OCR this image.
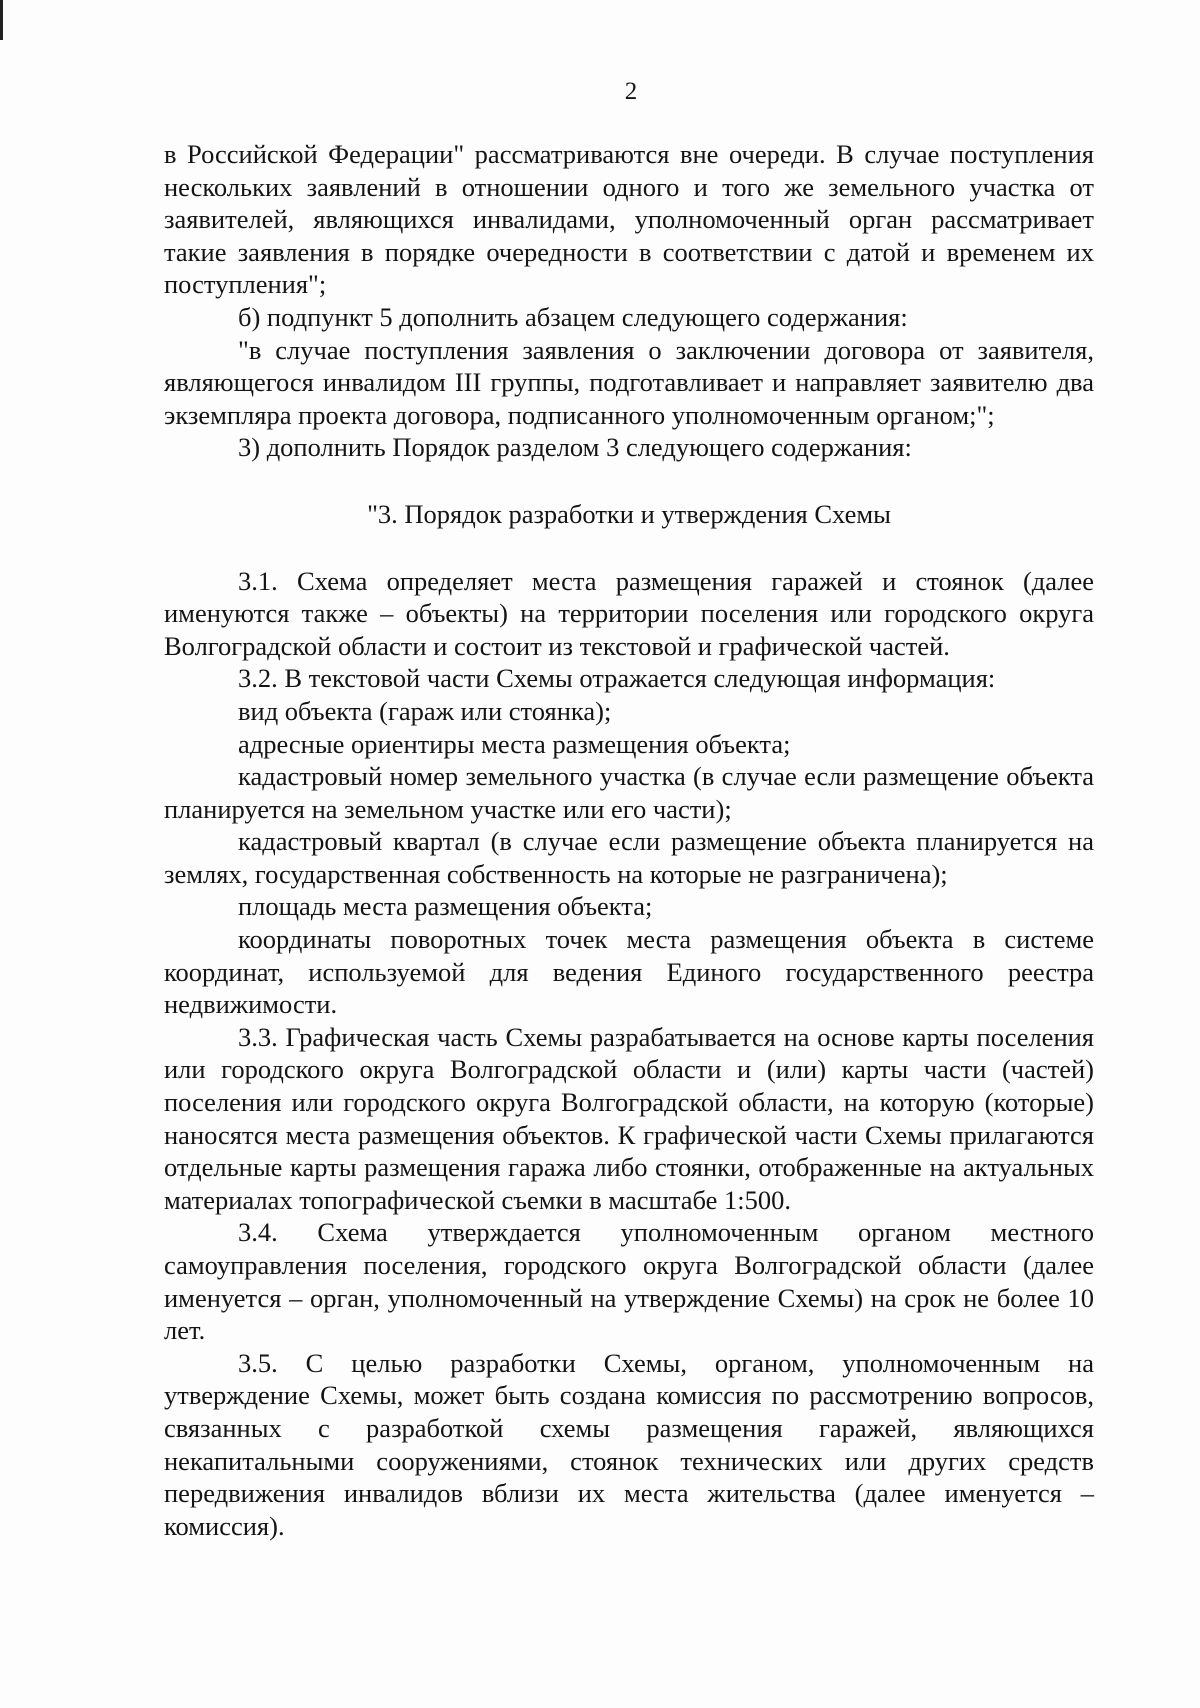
2

в Российской Федерации" рассматриваются вне очереди. В случае поступления нескольких заявлений в отношении одного и того же земельного участка от заявителей, являющихся инвалидами, уполномоченный орган рассматривает такие заявления в порядке очередности в соответствии с датой и временем их поступления";

б) подпункт 5 дополнить абзацем следующего содержания:

"в случае поступления заявления о заключении договора от заявителя, являющегося инвалидом III группы, подготавливает и направляет заявителю два экземпляра проекта договора, подписанного уполномоченным органом;";

3) дополнить Порядок разделом 3 следующего содержания:

"3. Порядок разработки и утверждения Схемы

3.1. Схема определяет места размещения гаражей и стоянок (далее именуются также – объекты) на территории поселения или городского округа Волгоградской области и состоит из текстовой и графической частей.

3.2. В текстовой части Схемы отражается следующая информация:

вид объекта (гараж или стоянка);

адресные ориентиры места размещения объекта;

кадастровый номер земельного участка (в случае если размещение объекта планируется на земельном участке или его части);

кадастровый квартал (в случае если размещение объекта планируется на землях, государственная собственность на которые не разграничена);

площадь места размещения объекта;

координаты поворотных точек места размещения объекта в системе координат, используемой для ведения Единого государственного реестра недвижимости.

3.3. Графическая часть Схемы разрабатывается на основе карты поселения или городского округа Волгоградской области и (или) карты части (частей) поселения или городского округа Волгоградской области, на которую (которые) наносятся места размещения объектов. К графической части Схемы прилагаются отдельные карты размещения гаража либо стоянки, отображенные на актуальных материалах топографической съемки в масштабе 1:500.

3.4. Схема утверждается уполномоченным органом местного самоуправления поселения, городского округа Волгоградской области (далее именуется – орган, уполномоченный на утверждение Схемы) на срок не более 10 лет.

3.5. С целью разработки Схемы, органом, уполномоченным на утверждение Схемы, может быть создана комиссия по рассмотрению вопросов, связанных с разработкой схемы размещения гаражей, являющихся некапитальными сооружениями, стоянок технических или других средств передвижения инвалидов вблизи их места жительства (далее именуется – комиссия).
